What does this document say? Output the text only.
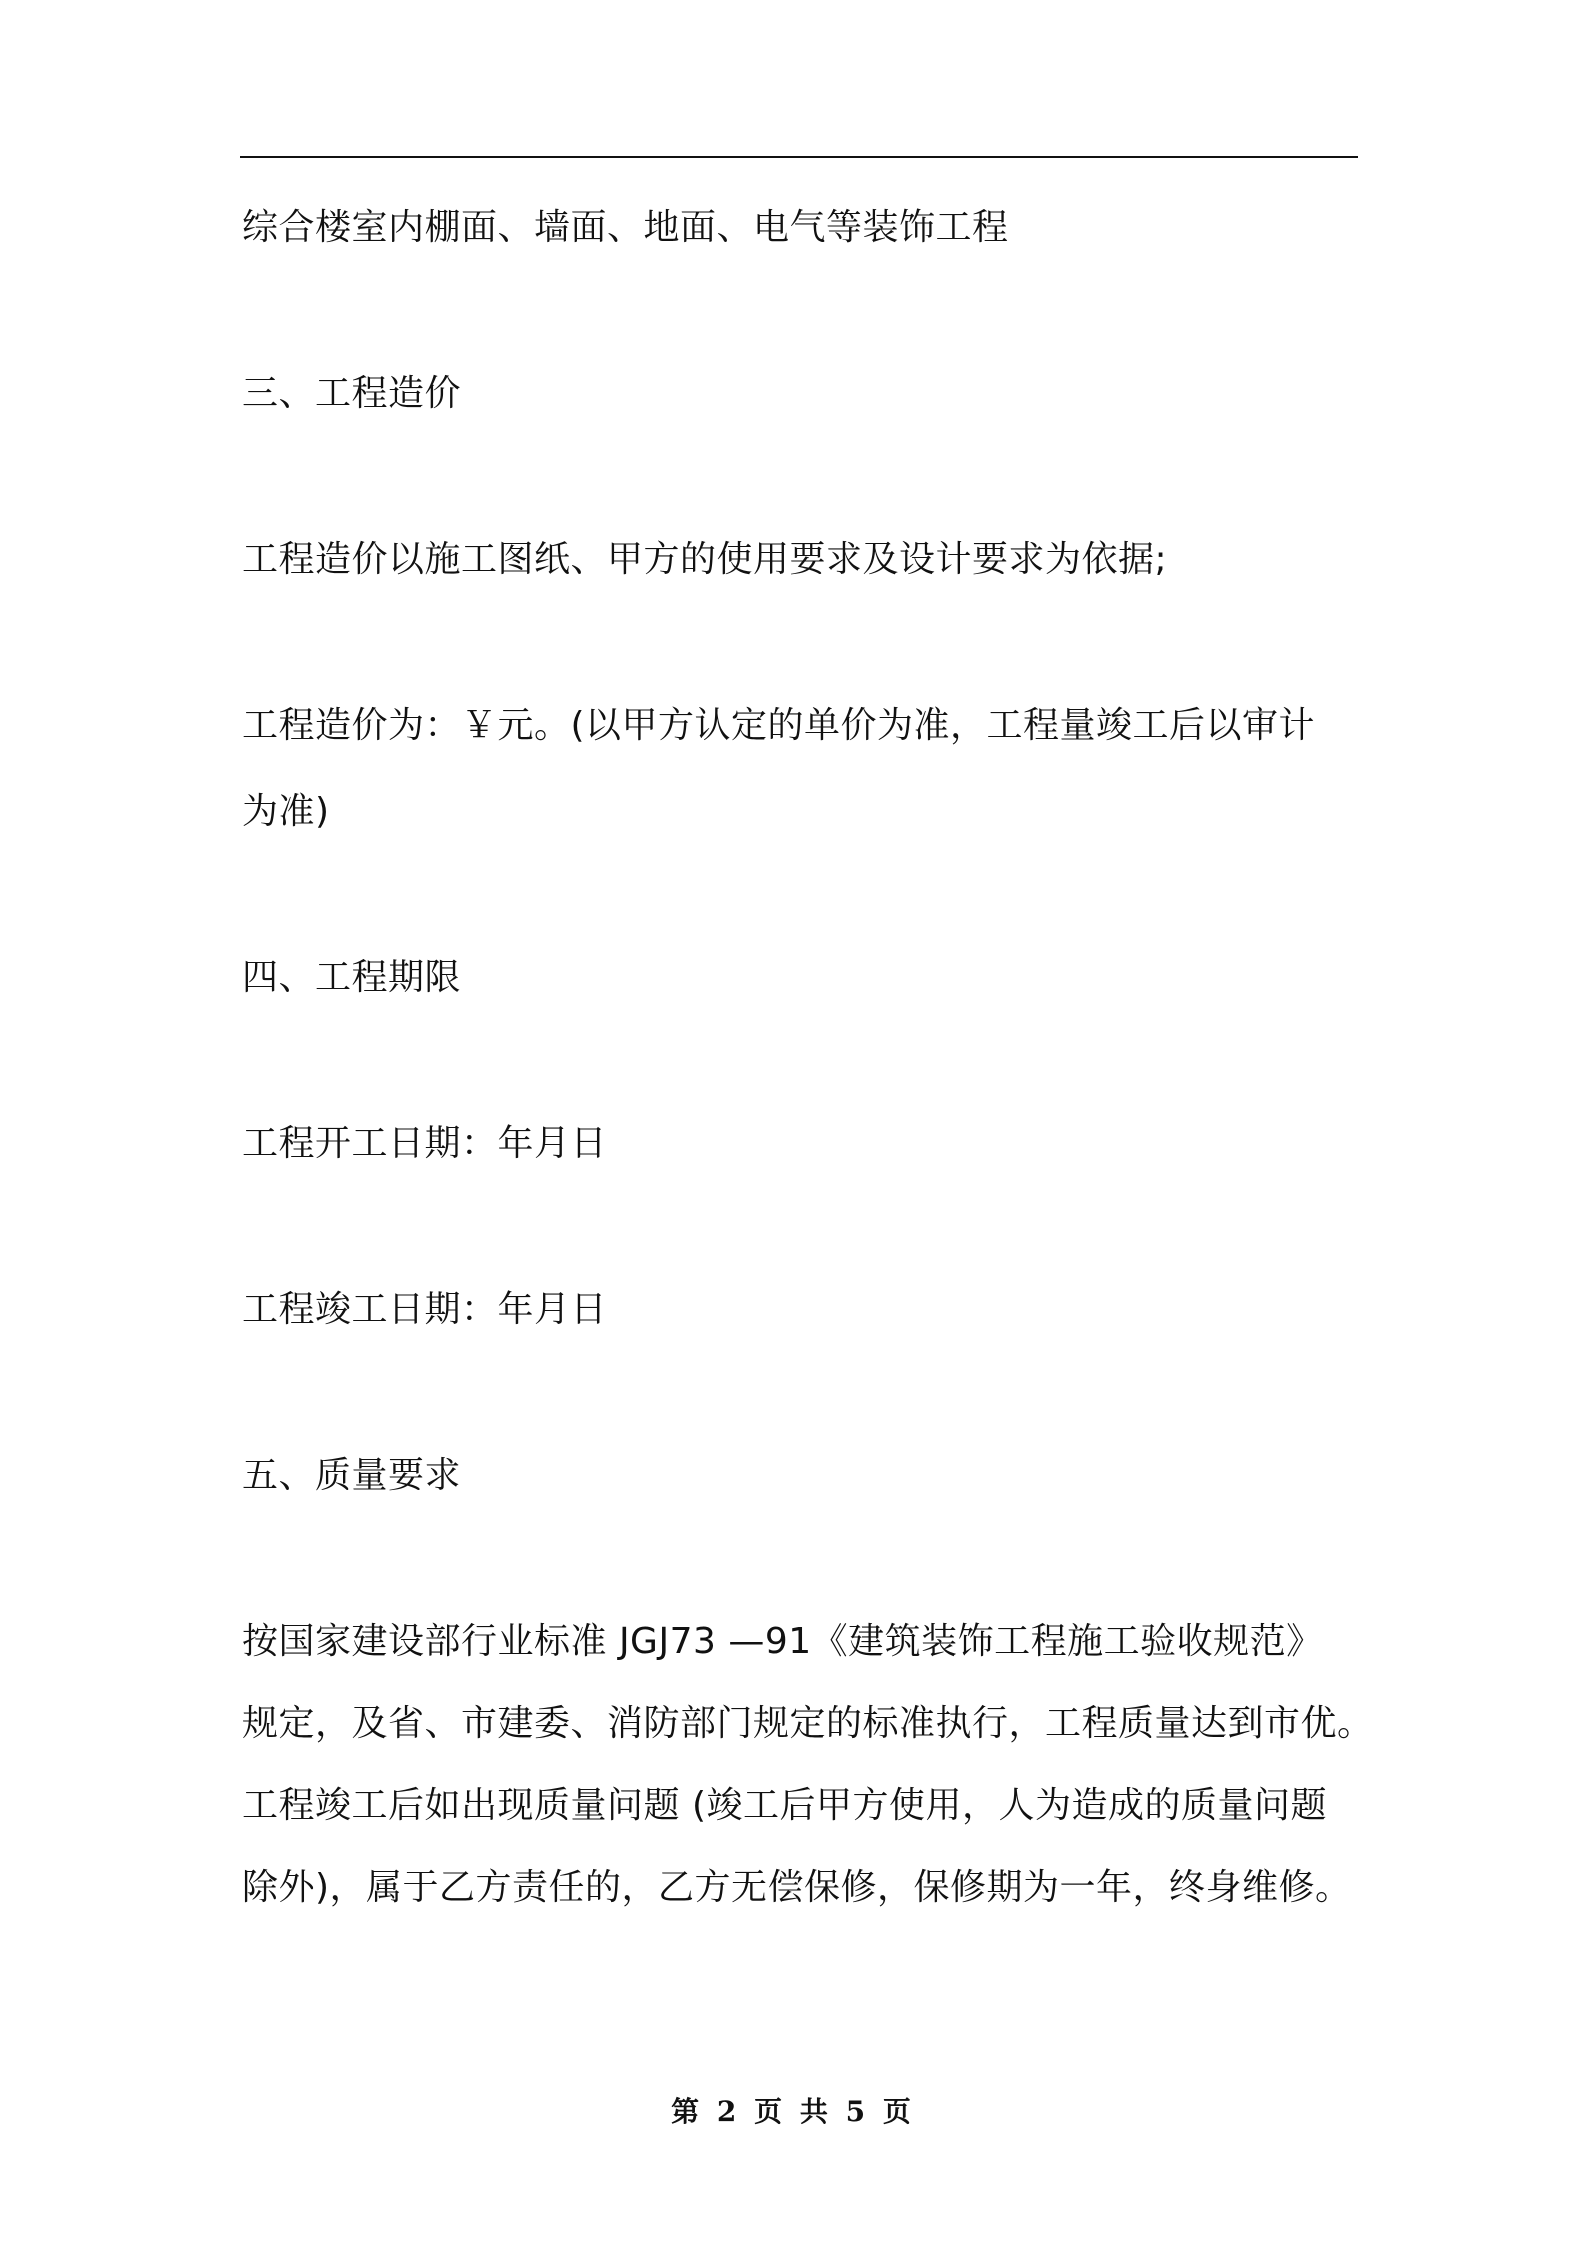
综合楼室内棚面、墙面、地面、电气等装饰工程

三、工程造价

工程造价以施工图纸、甲方的使用要求及设计要求为依据;

工程造价为：￥元。(以甲方认定的单价为准，工程量竣工后以审计

为准)

四、工程期限

工程开工日期：年月日

工程竣工日期：年月日

五、质量要求

按国家建设部行业标准 JGJ73 —91《建筑装饰工程施工验收规范》

规定，及省、市建委、消防部门规定的标准执行，工程质量达到市优。

工程竣工后如出现质量问题 (竣工后甲方使用，人为造成的质量问题

除外)，属于乙方责任的，乙方无偿保修，保修期为一年，终身维修。

第 2 页 共 5 页
